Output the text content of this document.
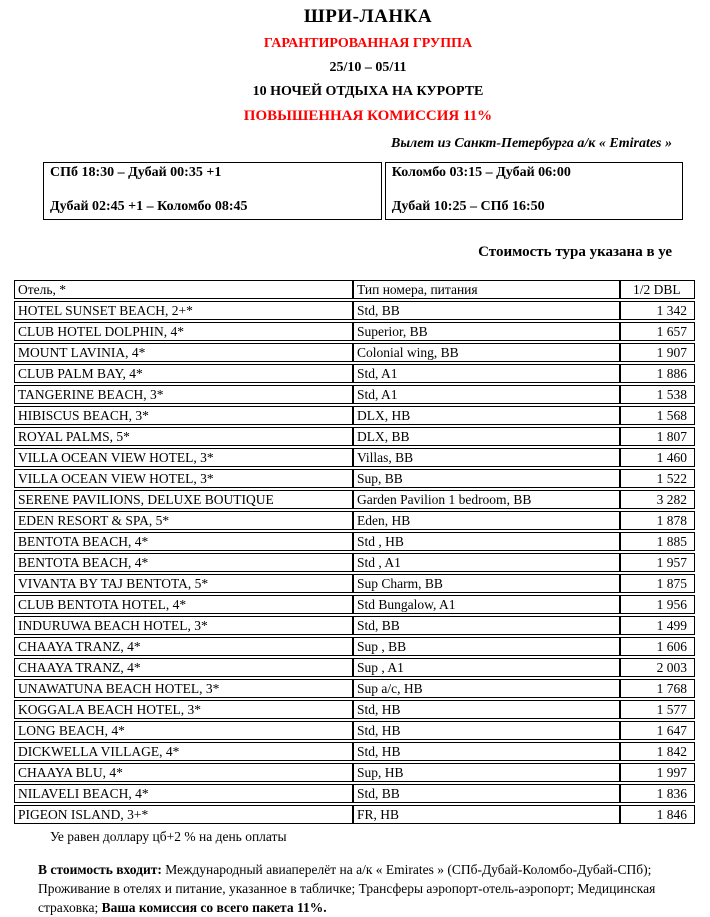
ШРИ-ЛАНКА
ГАРАНТИРОВАННАЯ ГРУППА
25/10 – 05/11
10 НОЧЕЙ ОТДЫХА НА КУРОРТЕ
ПОВЫШЕННАЯ КОМИССИЯ 11%
Вылет из Санкт-Петербурга а/к « Emirates »
СПб 18:30 – Дубай 00:35 +1
Дубай 02:45 +1 – Коломбо 08:45

Коломбо 03:15 – Дубай 06:00
Дубай 10:25 – СПб 16:50
Стоимость тура указана в уе
Отель, *	Тип номера, питания	1/2 DBL
HOTEL SUNSET BEACH, 2+*	Std, BB	1 342
CLUB HOTEL DOLPHIN, 4*	Superior, BB	1 657
MOUNT LAVINIA, 4*	Colonial wing, BB	1 907
CLUB PALM BAY, 4*	Std, A1	1 886
TANGERINE BEACH, 3*	Std, A1	1 538
HIBISCUS BEACH, 3*	DLX, HB	1 568
ROYAL PALMS, 5*	DLX, BB	1 807
VILLA OCEAN VIEW HOTEL, 3*	Villas, BB	1 460
VILLA OCEAN VIEW HOTEL, 3*	Sup, BB	1 522
SERENE PAVILIONS, DELUXE BOUTIQUE	Garden Pavilion 1 bedroom, BB	3 282
EDEN RESORT & SPA, 5*	Eden, HB	1 878
BENTOTA BEACH, 4*	Std , HB	1 885
BENTOTA BEACH, 4*	Std , A1	1 957
VIVANTA BY TAJ BENTOTA, 5*	Sup Charm, BB	1 875
CLUB BENTOTA HOTEL, 4*	Std Bungalow, A1	1 956
INDURUWA BEACH HOTEL, 3*	Std, BB	1 499
CHAAYA TRANZ, 4*	Sup , BB	1 606
CHAAYA TRANZ, 4*	Sup , A1	2 003
UNAWATUNA BEACH HOTEL, 3*	Sup a/c, HB	1 768
KOGGALA BEACH HOTEL, 3*	Std, HB	1 577
LONG BEACH, 4*	Std, HB	1 647
DICKWELLA VILLAGE, 4*	Std, HB	1 842
CHAAYA BLU, 4*	Sup, HB	1 997
NILAVELI BEACH, 4*	Std, BB	1 836
PIGEON ISLAND, 3+*	FR, HB	1 846
Уе равен доллару цб+2 % на день оплаты
В стоимость входит: Международный авиаперелёт на а/к « Emirates » (СПб-Дубай-Коломбо-Дубай-СПб); Проживание в отелях и питание, указанное в табличке; Трансферы аэропорт-отель-аэропорт; Медицинская страховка; Ваша комиссия со всего пакета 11%.
